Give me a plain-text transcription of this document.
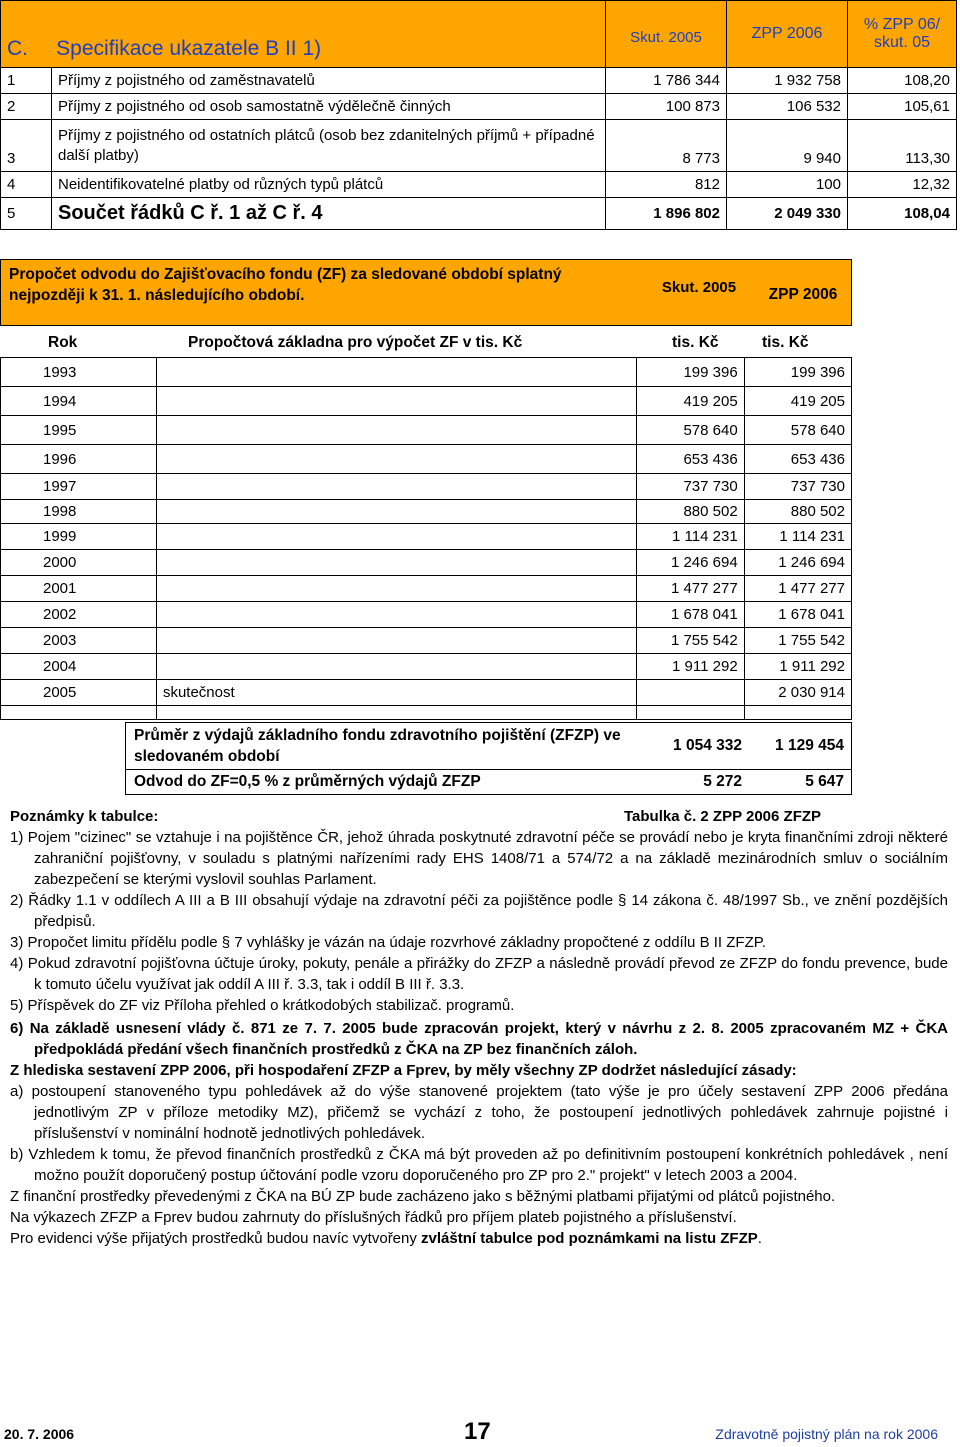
C. Specifikace ukazatele B II 1)		Skut. 2005	ZPP 2006	% ZPP 06/ skut. 05
1	Příjmy z pojistného od zaměstnavatelů	1 786 344	1 932 758	108,20
2	Příjmy z pojistného od osob samostatně výdělečně činných	100 873	106 532	105,61
3	Příjmy z pojistného od ostatních plátců (osob bez zdanitelných příjmů + případné další platby)	8 773	9 940	113,30
4	Neidentifikovatelné platby od různých typů plátců	812	100	12,32
5	Součet řádků C ř. 1 až C ř. 4	1 896 802	2 049 330	108,04
Propočet odvodu do Zajišťovacího fondu (ZF) za sledované období splatný nejpozději k 31. 1. následujícího období.	Skut. 2005	ZPP 2006
Rok	Propočtová základna pro výpočet ZF v tis. Kč	tis. Kč	tis. Kč
1993		199 396	199 396
1994		419 205	419 205
1995		578 640	578 640
1996		653 436	653 436
1997		737 730	737 730
1998		880 502	880 502
1999		1 114 231	1 114 231
2000		1 246 694	1 246 694
2001		1 477 277	1 477 277
2002		1 678 041	1 678 041
2003		1 755 542	1 755 542
2004		1 911 292	1 911 292
2005	skutečnost		2 030 914

Průměr z výdajů základního fondu zdravotního pojištění (ZFZP) ve sledovaném období
1 054 332	1 129 454
Odvod do ZF=0,5 % z průměrných výdajů ZFZP	5 272	5 647

Poznámky k tabulce:	Tabulka č. 2 ZPP 2006 ZFZP

1) Pojem "cizinec" se vztahuje i na pojištěnce ČR, jehož úhrada poskytnuté zdravotní péče se provádí nebo je kryta finančními zdroji některé zahraniční pojišťovny, v souladu s platnými nařízeními rady EHS 1408/71 a 574/72 a na základě mezinárodních smluv o sociálním zabezpečení se kterými vyslovil souhlas Parlament.

2) Řádky 1.1 v oddílech A III a B III obsahují výdaje na zdravotní péči za pojištěnce podle § 14 zákona č. 48/1997 Sb., ve znění pozdějších předpisů.

3) Propočet limitu přídělu podle § 7 vyhlášky je vázán na údaje rozvrhové základny propočtené z oddílu B II ZFZP.

4) Pokud zdravotní pojišťovna účtuje úroky, pokuty, penále a přirážky do ZFZP a následně provádí převod ze ZFZP do fondu prevence, bude k tomuto účelu využívat jak oddíl A III ř. 3.3, tak i oddíl B III ř. 3.3.

5) Příspěvek do ZF viz Příloha přehled o krátkodobých stabilizač. programů.

6) Na základě usnesení vlády č. 871 ze 7. 7. 2005 bude zpracován projekt, který v návrhu z 2. 8. 2005 zpracovaném MZ + ČKA předpokládá předání všech finančních prostředků z ČKA na ZP bez finančních záloh.

Z hlediska sestavení ZPP 2006, při hospodaření ZFZP a Fprev, by měly všechny ZP dodržet následující zásady:

a) postoupení stanoveného typu pohledávek až do výše stanovené projektem (tato výše je pro účely sestavení ZPP 2006 předána jednotlivým ZP v příloze metodiky MZ), přičemž se vychází z toho, že postoupení jednotlivých pohledávek zahrnuje pojistné i příslušenství v nominální hodnotě jednotlivých pohledávek.

b) Vzhledem k tomu, že převod finančních prostředků z ČKA má být proveden až po definitivním postoupení konkrétních pohledávek , není možno použít doporučený postup účtování podle vzoru doporučeného pro ZP pro 2." projekt" v letech 2003 a 2004.

Z finanční prostředky převedenými z ČKA na BÚ ZP bude zacházeno jako s běžnými platbami přijatými od plátců pojistného.

Na výkazech ZFZP a Fprev budou zahrnuty do příslušných řádků pro příjem plateb pojistného a příslušenství.

Pro evidenci výše přijatých prostředků budou navíc vytvořeny zvláštní tabulce pod poznámkami na listu ZFZP.

20. 7. 2006	17	Zdravotně pojistný plán na rok 2006
